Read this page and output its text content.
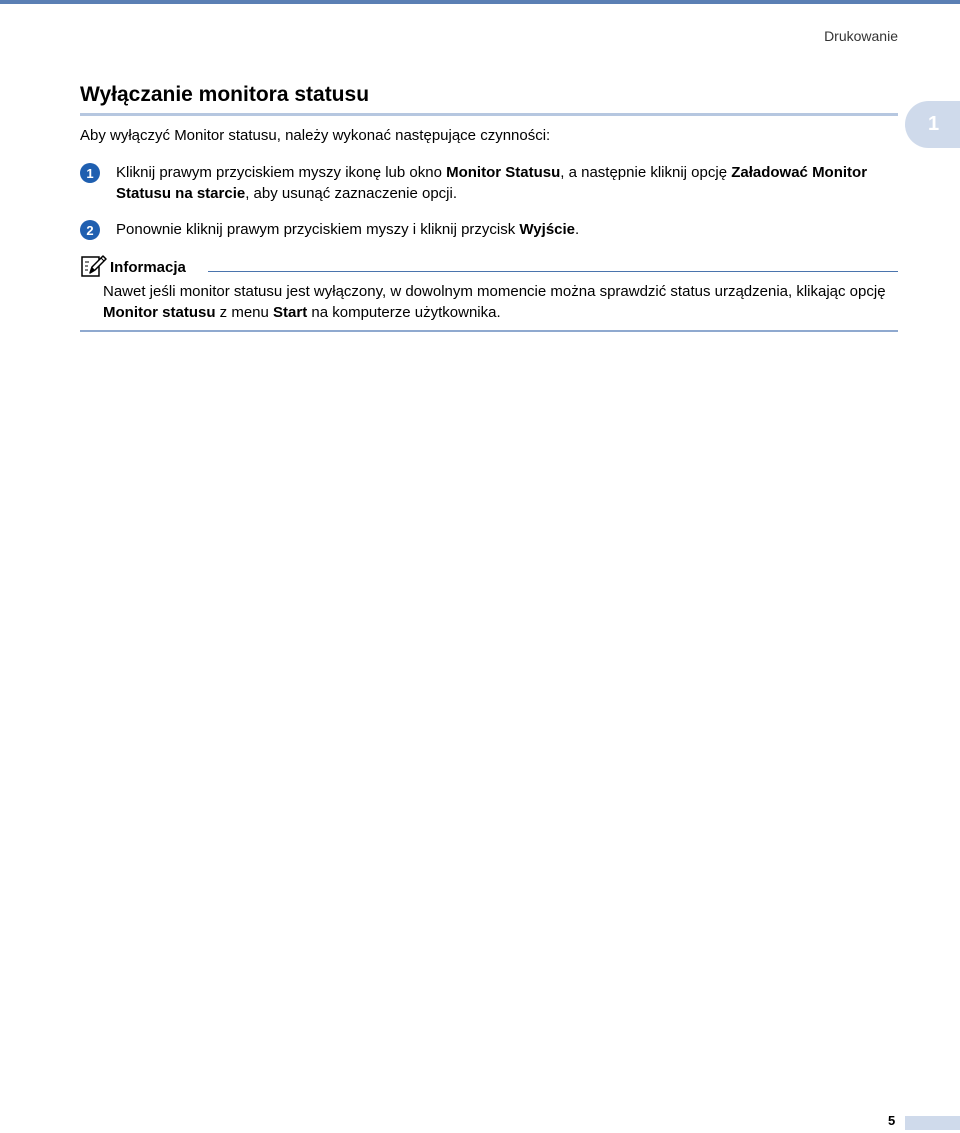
Drukowanie
1
Wyłączanie monitora statusu

Aby wyłączyć Monitor statusu, należy wykonać następujące czynności:

1	Kliknij prawym przyciskiem myszy ikonę lub okno Monitor Statusu, a następnie kliknij opcję Załadować Monitor Statusu na starcie, aby usunąć zaznaczenie opcji.
2	Ponownie kliknij prawym przyciskiem myszy i kliknij przycisk Wyjście.
Informacja
Nawet jeśli monitor statusu jest wyłączony, w dowolnym momencie można sprawdzić status urządzenia, klikając opcję Monitor statusu z menu Start na komputerze użytkownika.
5
